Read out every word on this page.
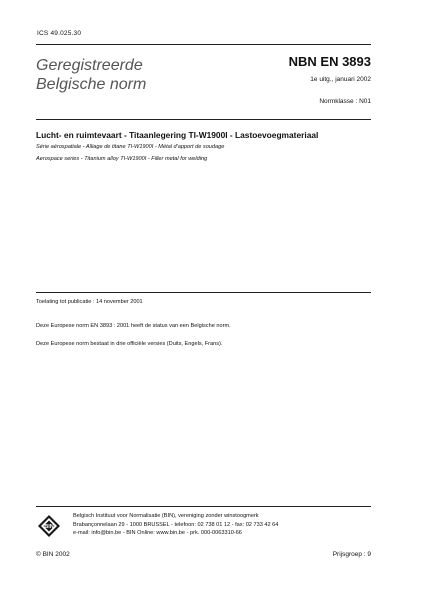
ICS 49.025.30
Geregistreerde
Belgische norm
NBN EN 3893
1e uitg., januari 2002
Normklasse : N01
Lucht- en ruimtevaart - Titaanlegering TI-W1900I - Lastoevoegmateriaal
Série aérospatiale - Alliage de titane TI-W1900I - Métal d'apport de soudage
Aerospace series - Titanium alloy TI-W1900I - Filler metal for welding
Toelating tot publicatie : 14 november 2001
Deze Europese norm EN 3893 : 2001 heeft de status van een Belgische norm.
Deze Europese norm bestaat in drie officiële versies (Duits, Engels, Frans).
BIN
Belgisch Instituut voor Normalisatie (BIN), vereniging zonder winstoogmerk
Brabançonnelaan 29 - 1000 BRUSSEL - telefoon: 02 738 01 12 - fax: 02 733 42 64
e-mail: info@bin.be - BIN Online: www.bin.be - prk. 000-0063310-66
© BIN 2002	Prijsgroep : 9
